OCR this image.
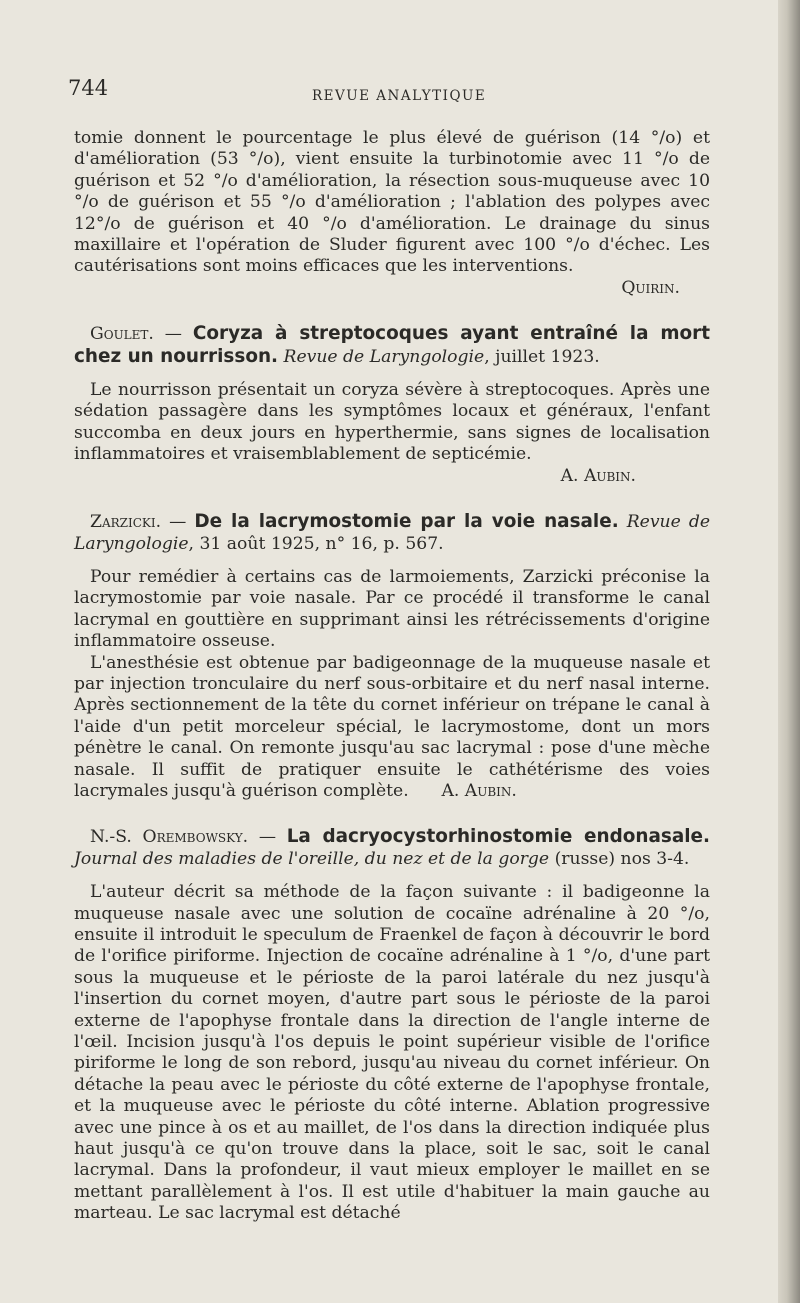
744	REVUE ANALYTIQUE

tomie donnent le pourcentage le plus élevé de guérison (14 °/o) et d'amélioration (53 °/o), vient ensuite la turbinotomie avec 11 °/o de guérison et 52 °/o d'amélioration, la résection sous-muqueuse avec 10 °/o de guérison et 55 °/o d'amélioration ; l'ablation des polypes avec 12°/o de guérison et 40 °/o d'amélioration. Le drainage du sinus maxillaire et l'opération de Sluder figurent avec 100 °/o d'échec. Les cautérisations sont moins efficaces que les interventions.

Quirin.

Goulet. — Coryza à streptocoques ayant entraîné la mort chez un nourrisson. Revue de Laryngologie, juillet 1923.

Le nourrisson présentait un coryza sévère à streptocoques. Après une sédation passagère dans les symptômes locaux et généraux, l'enfant succomba en deux jours en hyperthermie, sans signes de localisation inflammatoires et vraisemblablement de septicémie.

A. Aubin.

Zarzicki. — De la lacrymostomie par la voie nasale. Revue de Laryngologie, 31 août 1925, n° 16, p. 567.

Pour remédier à certains cas de larmoiements, Zarzicki préconise la lacrymostomie par voie nasale. Par ce procédé il transforme le canal lacrymal en gouttière en supprimant ainsi les rétrécissements d'origine inflammatoire osseuse.

L'anesthésie est obtenue par badigeonnage de la muqueuse nasale et par injection tronculaire du nerf sous-orbitaire et du nerf nasal interne. Après sectionnement de la tête du cornet inférieur on trépane le canal à l'aide d'un petit morceleur spécial, le lacrymostome, dont un mors pénètre le canal. On remonte jusqu'au sac lacrymal : pose d'une mèche nasale. Il suffit de pratiquer ensuite le cathétérisme des voies lacrymales jusqu'à guérison complète. A. Aubin.

N.-S. Orembowsky. — La dacryocystorhinostomie endonasale. Journal des maladies de l'oreille, du nez et de la gorge (russe) nos 3-4.

L'auteur décrit sa méthode de la façon suivante : il badigeonne la muqueuse nasale avec une solution de cocaïne adrénaline à 20 °/o, ensuite il introduit le speculum de Fraenkel de façon à découvrir le bord de l'orifice piriforme. Injection de cocaïne adrénaline à 1 °/o, d'une part sous la muqueuse et le périoste de la paroi latérale du nez jusqu'à l'insertion du cornet moyen, d'autre part sous le périoste de la paroi externe de l'apophyse frontale dans la direction de l'angle interne de l'œil. Incision jusqu'à l'os depuis le point supérieur visible de l'orifice piriforme le long de son rebord, jusqu'au niveau du cornet inférieur. On détache la peau avec le périoste du côté externe de l'apophyse frontale, et la muqueuse avec le périoste du côté interne. Ablation progressive avec une pince à os et au maillet, de l'os dans la direction indiquée plus haut jusqu'à ce qu'on trouve dans la place, soit le sac, soit le canal lacrymal. Dans la profondeur, il vaut mieux employer le maillet en se mettant parallèlement à l'os. Il est utile d'habituer la main gauche au marteau. Le sac lacrymal est détaché
